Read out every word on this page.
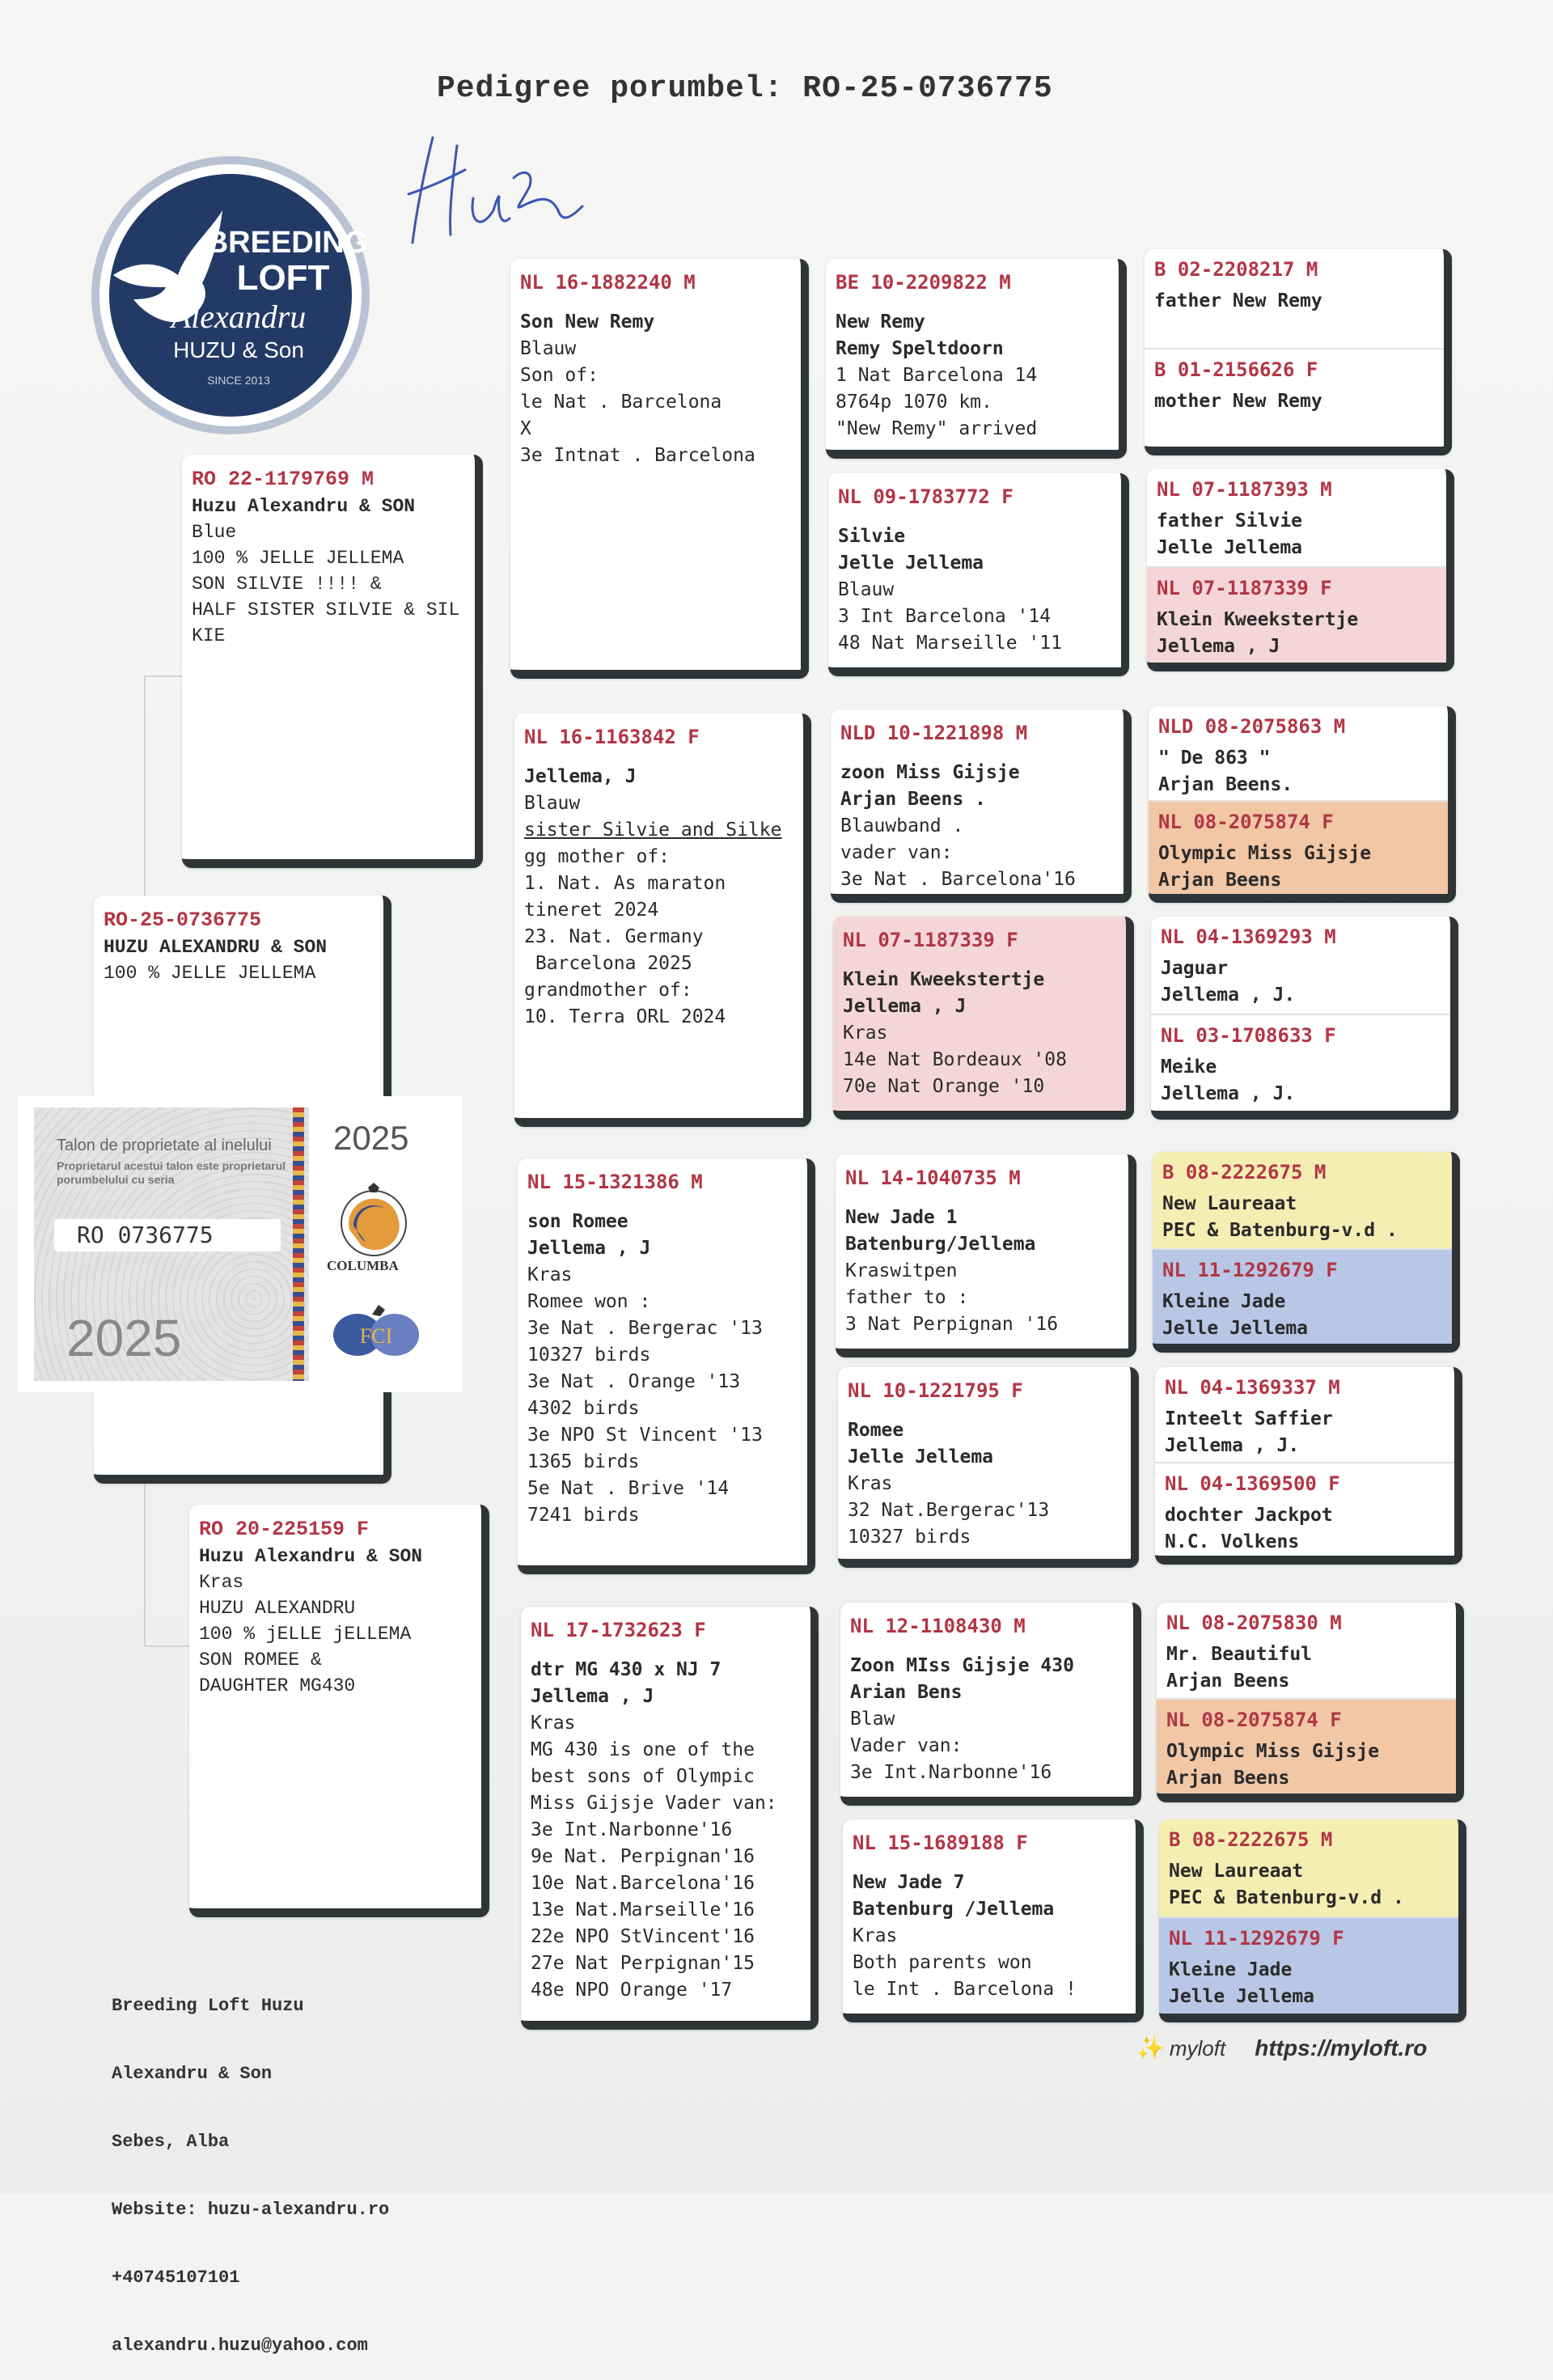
Pedigree porumbel: RO-25-0736775
BREEDING
LOFT
Alexandru
HUZU & Son
SINCE 2013
RO-25-0736775
HUZU ALEXANDRU & SON
100 % JELLE JELLEMA
RO 22-1179769 M
Huzu Alexandru & SON
Blue
100 % JELLE JELLEMA
SON SILVIE !!!! &
HALF SISTER SILVIE & SIL
KIE
RO 20-225159 F
Huzu Alexandru & SON
Kras
HUZU ALEXANDRU
100 % jELLE jELLEMA
SON ROMEE &
DAUGHTER MG430
NL 16-1882240 M
Son New Remy
Blauw
Son of:
le Nat . Barcelona
X
3e Intnat . Barcelona
NL 16-1163842 F
Jellema, J
Blauw
sister Silvie and Silke
gg mother of:
1. Nat. As maraton
tineret 2024
23. Nat. Germany
Barcelona 2025
grandmother of:
10. Terra ORL 2024
NL 15-1321386 M
son Romee
Jellema , J
Kras
Romee won :
3e Nat . Bergerac '13
10327 birds
3e Nat . Orange '13
4302 birds
3e NPO St Vincent '13
1365 birds
5e Nat . Brive '14
7241 birds
NL 17-1732623 F
dtr MG 430 x NJ 7
Jellema , J
Kras
MG 430 is one of the
best sons of Olympic
Miss Gijsje Vader van:
3e Int.Narbonne'16
9e Nat. Perpignan'16
10e Nat.Barcelona'16
13e Nat.Marseille'16
22e NPO StVincent'16
27e Nat Perpignan'15
48e NPO Orange '17
BE 10-2209822 M
New Remy
Remy Speltdoorn
1 Nat Barcelona 14
8764p 1070 km.
"New Remy" arrived
NL 09-1783772 F
Silvie
Jelle Jellema
Blauw
3 Int Barcelona '14
48 Nat Marseille '11
NLD 10-1221898 M
zoon Miss Gijsje
Arjan Beens .
Blauwband .
vader van:
3e Nat . Barcelona'16
NL 07-1187339 F
Klein Kweekstertje
Jellema , J
Kras
14e Nat Bordeaux '08
70e Nat Orange '10
NL 14-1040735 M
New Jade 1
Batenburg/Jellema
Kraswitpen
father to :
3 Nat Perpignan '16
NL 10-1221795 F
Romee
Jelle Jellema
Kras
32 Nat.Bergerac'13
10327 birds
NL 12-1108430 M
Zoon MIss Gijsje 430
Arian Bens
Blaw
Vader van:
3e Int.Narbonne'16
NL 15-1689188 F
New Jade 7
Batenburg /Jellema
Kras
Both parents won
le Int . Barcelona !
B 02-2208217 M
father New Remy
B 01-2156626 F
mother New Remy
NL 07-1187393 M
father Silvie
Jelle Jellema
NL 07-1187339 F
Klein Kweekstertje
Jellema , J
NLD 08-2075863 M
" De 863 "
Arjan Beens.
NL 08-2075874 F
Olympic Miss Gijsje
Arjan Beens
NL 04-1369293 M
Jaguar
Jellema , J.
NL 03-1708633 F
Meike
Jellema , J.
B 08-2222675 M
New Laureaat
PEC & Batenburg-v.d .
NL 11-1292679 F
Kleine Jade
Jelle Jellema
NL 04-1369337 M
Inteelt Saffier
Jellema , J.
NL 04-1369500 F
dochter Jackpot
N.C. Volkens
NL 08-2075830 M
Mr. Beautiful
Arjan Beens
NL 08-2075874 F
Olympic Miss Gijsje
Arjan Beens
B 08-2222675 M
New Laureaat
PEC & Batenburg-v.d .
NL 11-1292679 F
Kleine Jade
Jelle Jellema
Talon de proprietate al inelului
Proprietarul acestui talon este proprietarul porumbelului cu seria
RO 0736775
2025
2025
COLUMBA
FCI

Breeding Loft Huzu

Alexandru & Son

Sebes, Alba

Website: huzu-alexandru.ro

+40745107101

alexandru.huzu@yahoo.com

✨ myloft https://myloft.ro
